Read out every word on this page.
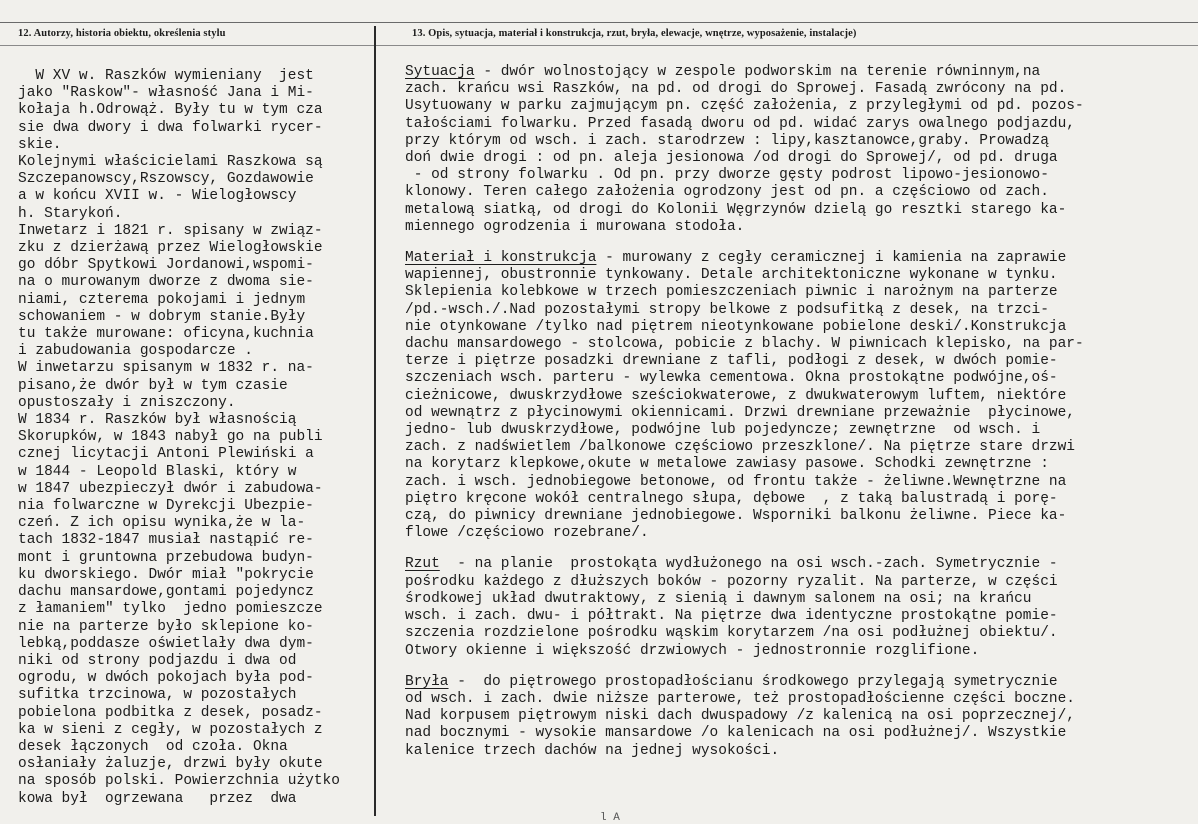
12. Autorzy, historia obiektu, określenia stylu	13. Opis, sytuacja, materiał i konstrukcja, rzut, bryła, elewacje, wnętrze, wyposażenie, instalacje)
W XV w. Raszków wymieniany  jest
jako "Raskow"- własność Jana i Mi-
kołaja h.Odrowąż. Były tu w tym cza
sie dwa dwory i dwa folwarki rycer-
skie.
Kolejnymi właścicielami Raszkowa są
Szczepanowscy,Rszowscy, Gozdawowie
a w końcu XVII w. - Wielogłowscy
h. Starykoń.
Inwetarz i 1821 r. spisany w związ-
zku z dzierżawą przez Wielogłowskie
go dóbr Spytkowi Jordanowi,wspomi-
na o murowanym dworze z dwoma sie-
niami, czterema pokojami i jednym
schowaniem - w dobrym stanie.Były
tu także murowane: oficyna,kuchnia
i zabudowania gospodarcze .
W inwetarzu spisanym w 1832 r. na-
pisano,że dwór był w tym czasie
opustoszały i zniszczony.
W 1834 r. Raszków był własnością
Skorupków, w 1843 nabył go na publi
cznej licytacji Antoni Plewiński a
w 1844 - Leopold Blaski, który w
w 1847 ubezpieczył dwór i zabudowa-
nia folwarczne w Dyrekcji Ubezpie-
czeń. Z ich opisu wynika,że w la-
tach 1832-1847 musiał nastąpić re-
mont i gruntowna przebudowa budyn-
ku dworskiego. Dwór miał "pokrycie
dachu mansardowe,gontami pojedyncz
z łamaniem" tylko  jedno pomieszcze
nie na parterze było sklepione ko-
lebką,poddasze oświetlały dwa dym-
niki od strony podjazdu i dwa od
ogrodu, w dwóch pokojach była pod-
sufitka trzcinowa, w pozostałych
pobielona podbitka z desek, posadz-
ka w sieni z cegły, w pozostałych z
desek łączonych  od czoła. Okna
osłaniały żaluzje, drzwi były okute
na sposób polski. Powierzchnia użytko
kowa był  ogrzewana   przez  dwa
Sytuacja - dwór wolnostojący w zespole podworskim na terenie równinnym,na
zach. krańcu wsi Raszków, na pd. od drogi do Sprowej. Fasadą zwrócony na pd.
Usytuowany w parku zajmującym pn. część założenia, z przyległymi od pd. pozos-
tałościami folwarku. Przed fasadą dworu od pd. widać zarys owalnego podjazdu,
przy którym od wsch. i zach. starodrzew : lipy,kasztanowce,graby. Prowadzą
doń dwie drogi : od pn. aleja jesionowa /od drogi do Sprowej/, od pd. druga
- od strony folwarku . Od pn. przy dworze gęsty podrost lipowo-jesionowo-
klonowy. Teren całego założenia ogrodzony jest od pn. a częściowo od zach.
metalową siatką, od drogi do Kolonii Węgrzynów dzielą go resztki starego ka-
miennego ogrodzenia i murowana stodoła.
Materiał i konstrukcja - murowany z cegły ceramicznej i kamienia na zaprawie
wapiennej, obustronnie tynkowany. Detale architektoniczne wykonane w tynku.
Sklepienia kolebkowe w trzech pomieszczeniach piwnic i narożnym na parterze
/pd.-wsch./.Nad pozostałymi stropy belkowe z podsufitką z desek, na trzci-
nie otynkowane /tylko nad piętrem nieotynkowane pobielone deski/.Konstrukcja
dachu mansardowego - stolcowa, pobicie z blachy. W piwnicach klepisko, na par-
terze i piętrze posadzki drewniane z tafli, podłogi z desek, w dwóch pomie-
szczeniach wsch. parteru - wylewka cementowa. Okna prostokątne podwójne,oś-
cieżnicowe, dwuskrzydłowe sześciokwaterowe, z dwukwaterowym luftem, niektóre
od wewnątrz z płycinowymi okiennicami. Drzwi drewniane przeważnie  płycinowe,
jedno- lub dwuskrzydłowe, podwójne lub pojedyncze; zewnętrzne  od wsch. i
zach. z nadświetlem /balkonowe częściowo przeszklone/. Na piętrze stare drzwi
na korytarz klepkowe,okute w metalowe zawiasy pasowe. Schodki zewnętrzne :
zach. i wsch. jednobiegowe betonowe, od frontu także - żeliwne.Wewnętrzne na
piętro kręcone wokół centralnego słupa, dębowe  , z taką balustradą i porę-
czą, do piwnicy drewniane jednobiegowe. Wsporniki balkonu żeliwne. Piece ka-
flowe /częściowo rozebrane/.
Rzut  - na planie  prostokąta wydłużonego na osi wsch.-zach. Symetrycznie -
pośrodku każdego z dłuższych boków - pozorny ryzalit. Na parterze, w części
środkowej układ dwutraktowy, z sienią i dawnym salonem na osi; na krańcu
wsch. i zach. dwu- i półtrakt. Na piętrze dwa identyczne prostokątne pomie-
szczenia rozdzielone pośrodku wąskim korytarzem /na osi podłużnej obiektu/.
Otwory okienne i większość drzwiowych - jednostronnie rozglifione.
Bryła -  do piętrowego prostopadłościanu środkowego przylegają symetrycznie
od wsch. i zach. dwie niższe parterowe, też prostopadłościenne części boczne.
Nad korpusem piętrowym niski dach dwuspadowy /z kalenicą na osi poprzecznej/,
nad bocznymi - wysokie mansardowe /o kalenicach na osi podłużnej/. Wszystkie
kalenice trzech dachów na jednej wysokości.
l A
